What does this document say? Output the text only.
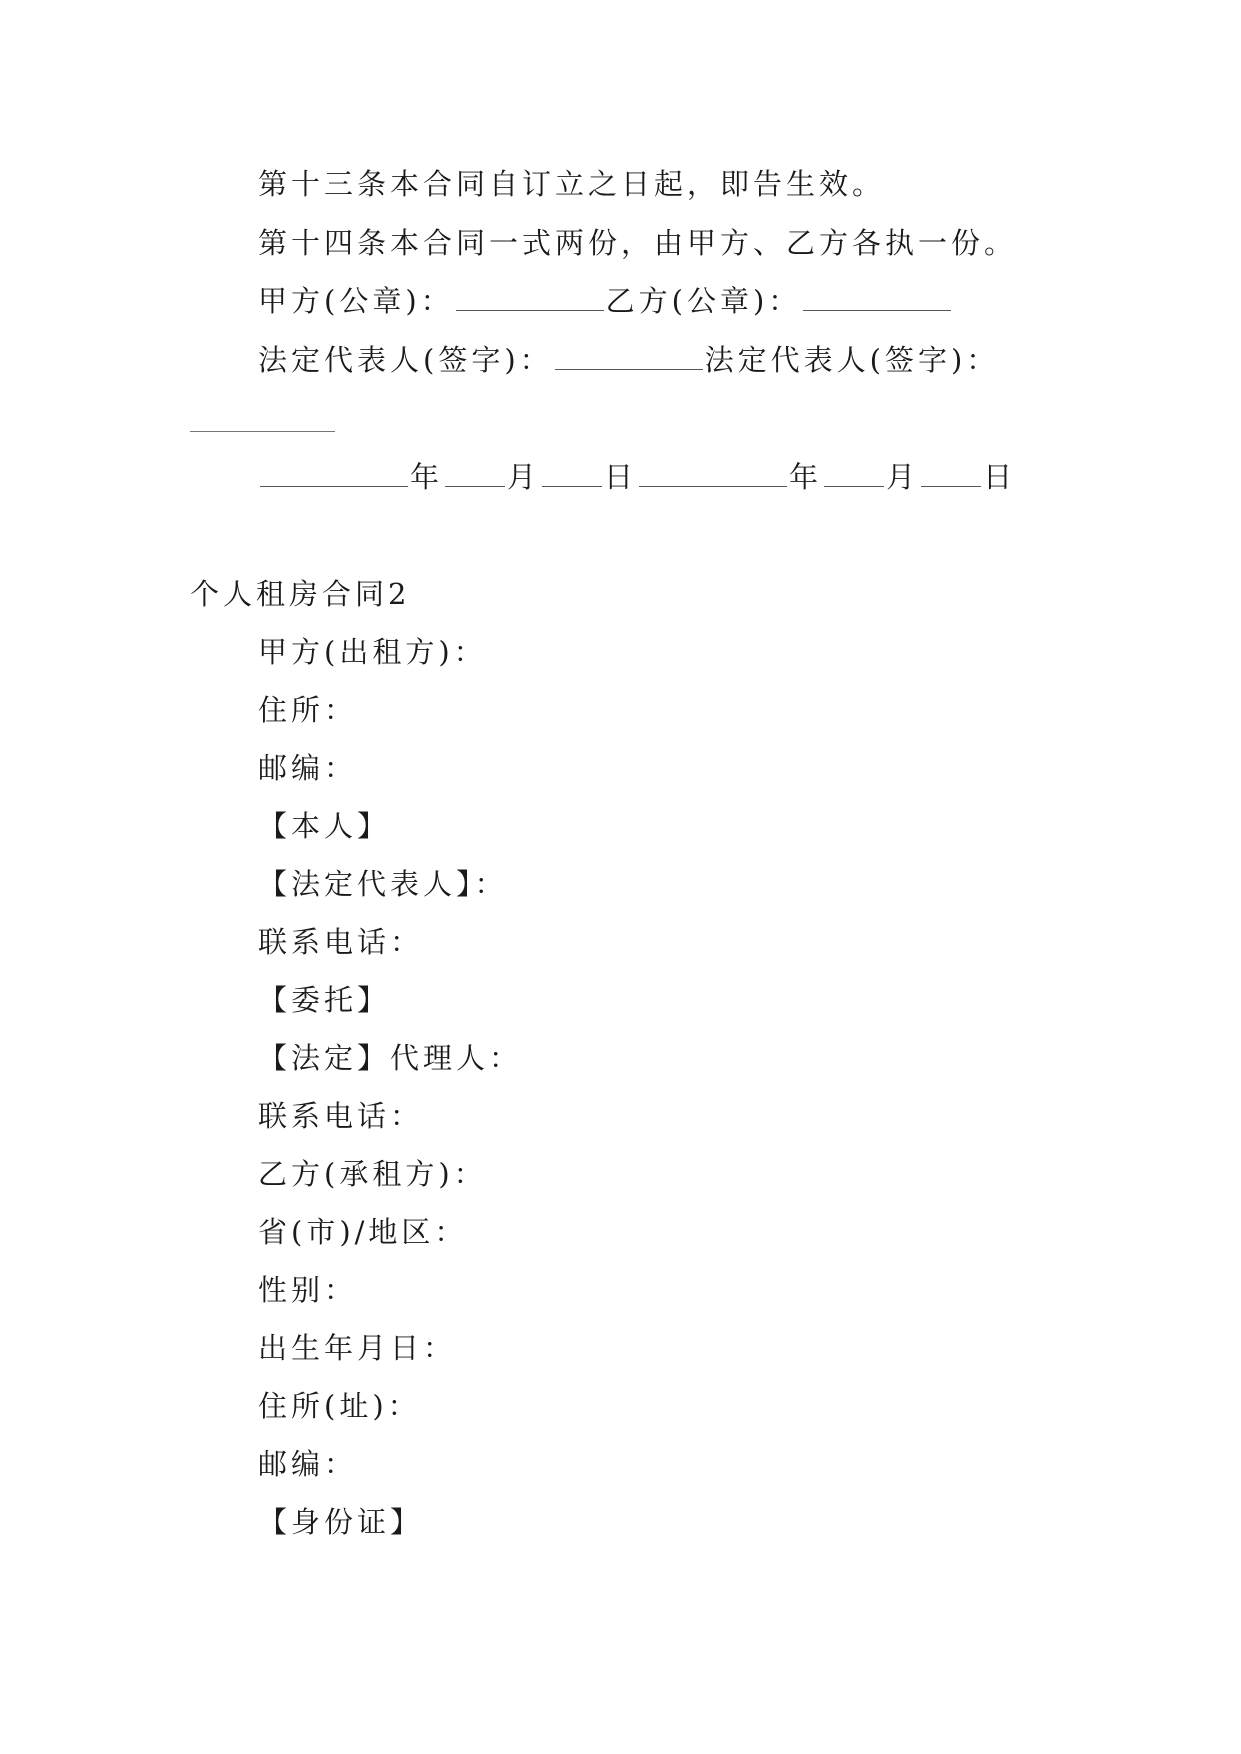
第十三条本合同自订立之日起，即告生效。
第十四条本合同一式两份，由甲方、乙方各执一份。
甲方(公章)：	乙方(公章)：
法定代表人(签字)：	法定代表人(签字)：
年 月 日	年 月 日
个人租房合同2
甲方(出租方)：
住所：
邮编：
【本人】
【法定代表人】：
联系电话：
【委托】
【法定】代理人：
联系电话：
乙方(承租方)：
省(市)/地区：
性别：
出生年月日：
住所(址)：
邮编：
【身份证】
